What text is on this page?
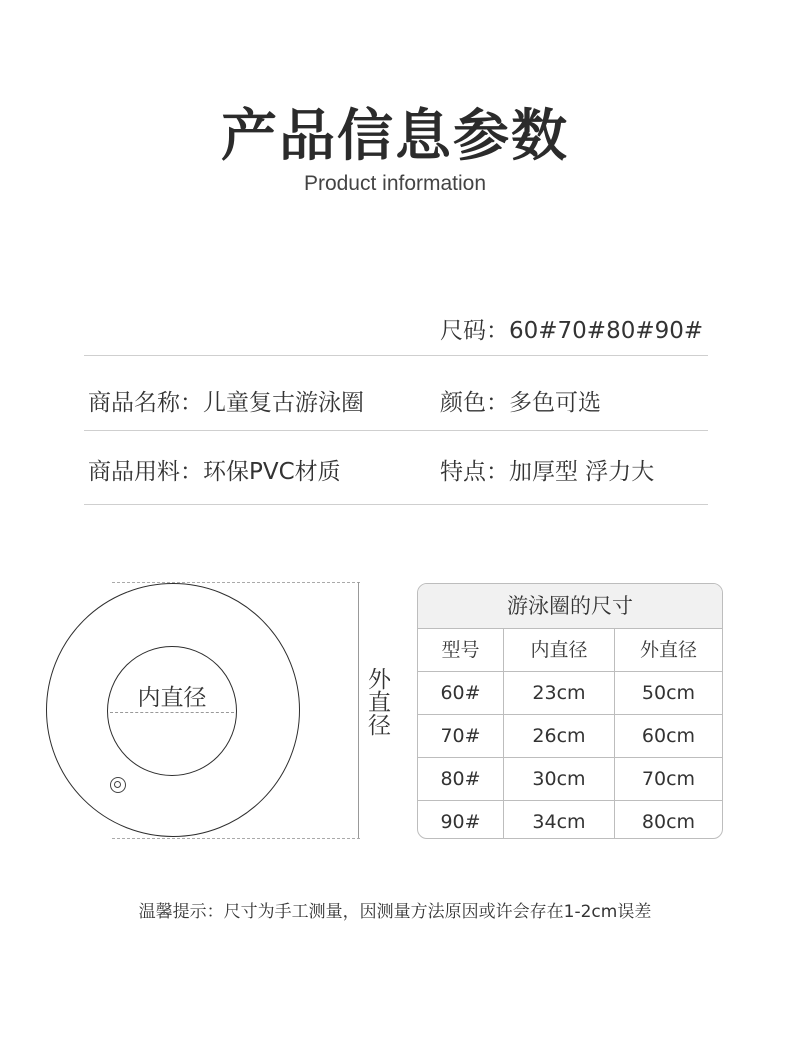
产品信息参数
Product information
尺码：60#70#80#90#
商品名称：儿童复古游泳圈	颜色：多色可选
商品用料：环保PVC材质	特点：加厚型 浮力大
内直径	外直径
游泳圈的尺寸
型号	内直径	外直径
60#	23cm	50cm
70#	26cm	60cm
80#	30cm	70cm
90#	34cm	80cm
温馨提示：尺寸为手工测量，因测量方法原因或许会存在1-2cm误差
